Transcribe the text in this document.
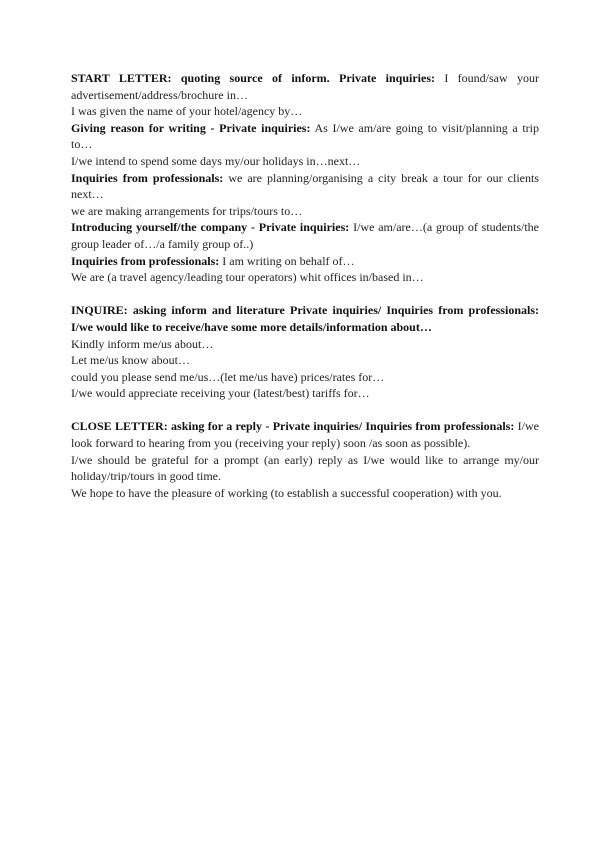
START LETTER: quoting source of inform. Private inquiries: I found/saw your advertisement/address/brochure in…

I was given the name of your hotel/agency by…

Giving reason for writing - Private inquiries: As I/we am/are going to visit/planning a trip to…

I/we intend to spend some days my/our holidays in…next…

Inquiries from professionals: we are planning/organising a city break a tour for our clients next…

we are making arrangements for trips/tours to…

Introducing yourself/the company - Private inquiries: I/we am/are…(a group of students/the group leader of…/a family group of..)

Inquiries from professionals: I am writing on behalf of…

We are (a travel agency/leading tour operators) whit offices in/based in…

INQUIRE: asking inform and literature Private inquiries/ Inquiries from professionals: I/we would like to receive/have some more details/information about…

Kindly inform me/us about…

Let me/us know about…

could you please send me/us…(let me/us have) prices/rates for…

I/we would appreciate receiving your (latest/best) tariffs for…

CLOSE LETTER: asking for a reply - Private inquiries/ Inquiries from professionals: I/we look forward to hearing from you (receiving your reply) soon /as soon as possible).

I/we should be grateful for a prompt (an early) reply as I/we would like to arrange my/our holiday/trip/tours in good time.

We hope to have the pleasure of working (to establish a successful cooperation) with you.
